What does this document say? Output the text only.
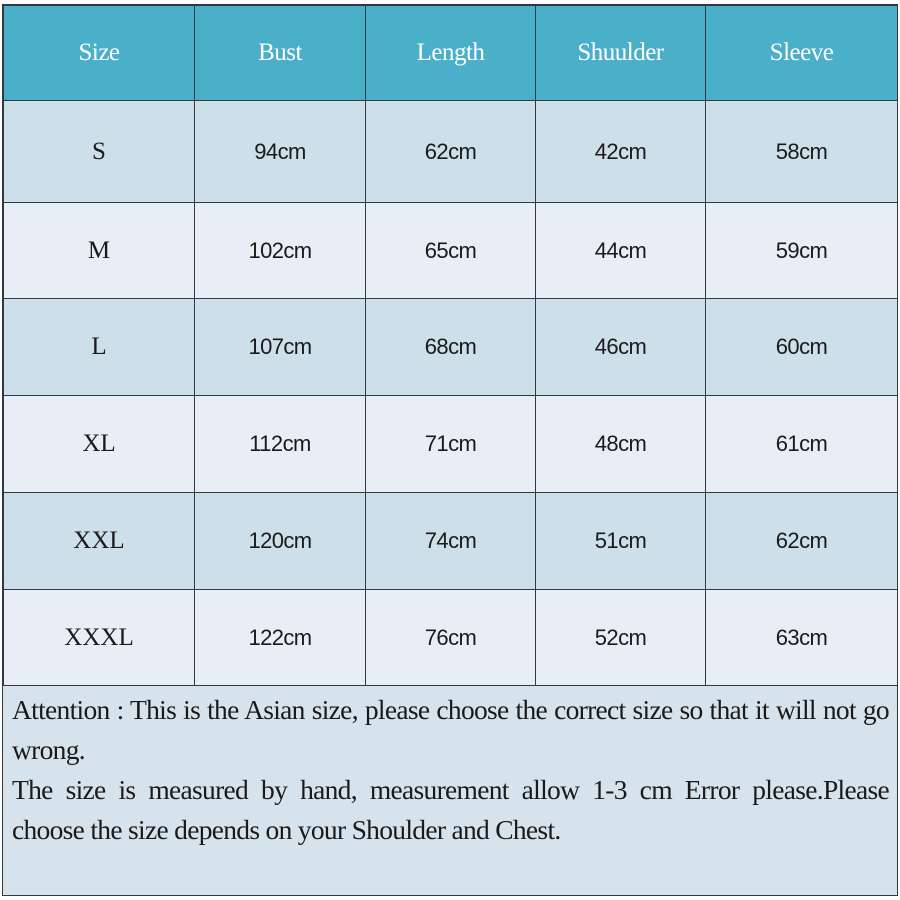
Size	Bust	Length	Shuulder	Sleeve
S	94cm	62cm	42cm	58cm
M	102cm	65cm	44cm	59cm
L	107cm	68cm	46cm	60cm
XL	112cm	71cm	48cm	61cm
XXL	120cm	74cm	51cm	62cm
XXXL	122cm	76cm	52cm	63cm

Attention : This is the Asian size, please choose the correct size so that it will not go wrong.

The size is measured by hand, measurement allow 1-3 cm Error please.Please choose the size depends on your Shoulder and Chest.
